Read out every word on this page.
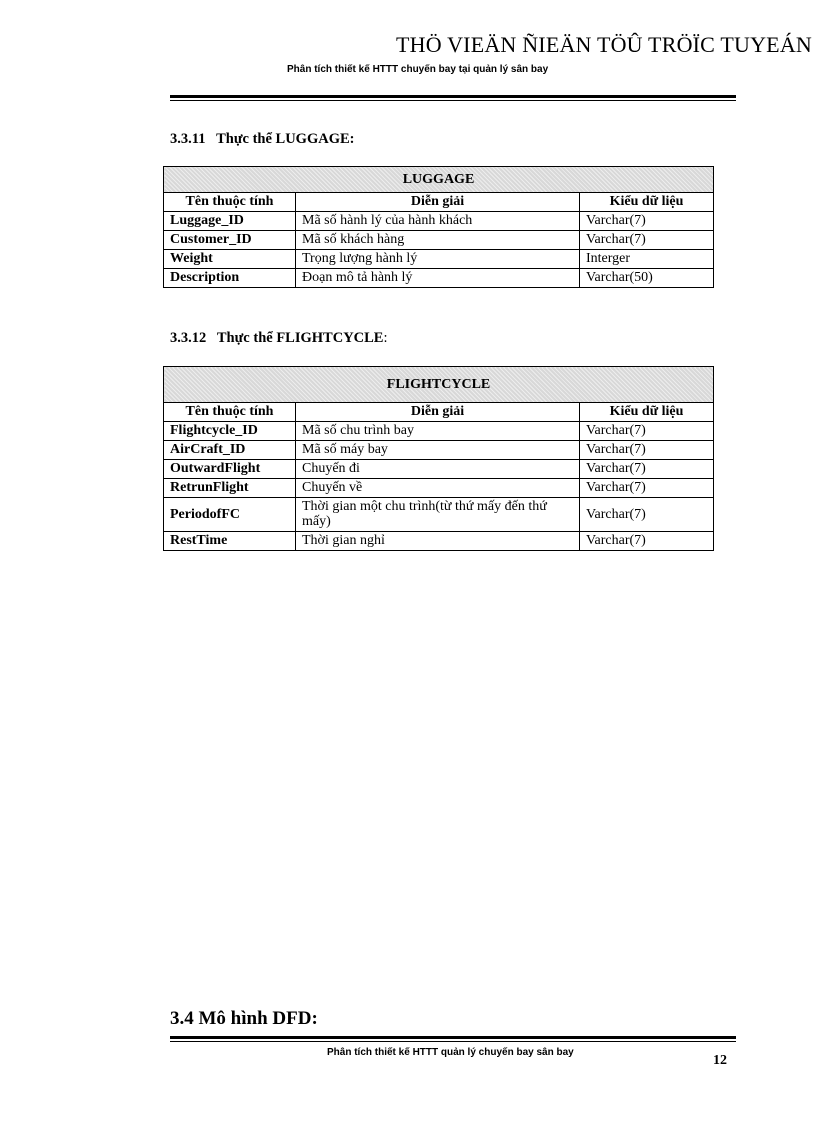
THÖ VIEÄN ÑIEÄN TÖÛ TRÖÏC TUYEÁN
Phân tích thiết kế HTTT chuyến bay tại quản lý sân bay
3.3.11 Thực thể LUGGAGE:
LUGGAGE		
Tên thuộc tính	Diễn giải	Kiểu dữ liệu
Luggage_ID	Mã số hành lý của hành khách	Varchar(7)
Customer_ID	Mã số khách hàng	Varchar(7)
Weight	Trọng lượng hành lý	Interger
Description	Đoạn mô tả hành lý	Varchar(50)
3.3.12 Thực thể FLIGHTCYCLE:
FLIGHTCYCLE		
Tên thuộc tính	Diễn giải	Kiểu dữ liệu
Flightcycle_ID	Mã số chu trình bay	Varchar(7)
AirCraft_ID	Mã số máy bay	Varchar(7)
OutwardFlight	Chuyến đi	Varchar(7)
RetrunFlight	Chuyến về	Varchar(7)
PeriodofFC	Thời gian một chu trình(từ thứ mấy đến thứ mấy)	Varchar(7)
RestTime	Thời gian nghỉ	Varchar(7)
3.4 Mô hình DFD:
Phân tích thiết kế HTTT quản lý chuyến bay sân bay
12
